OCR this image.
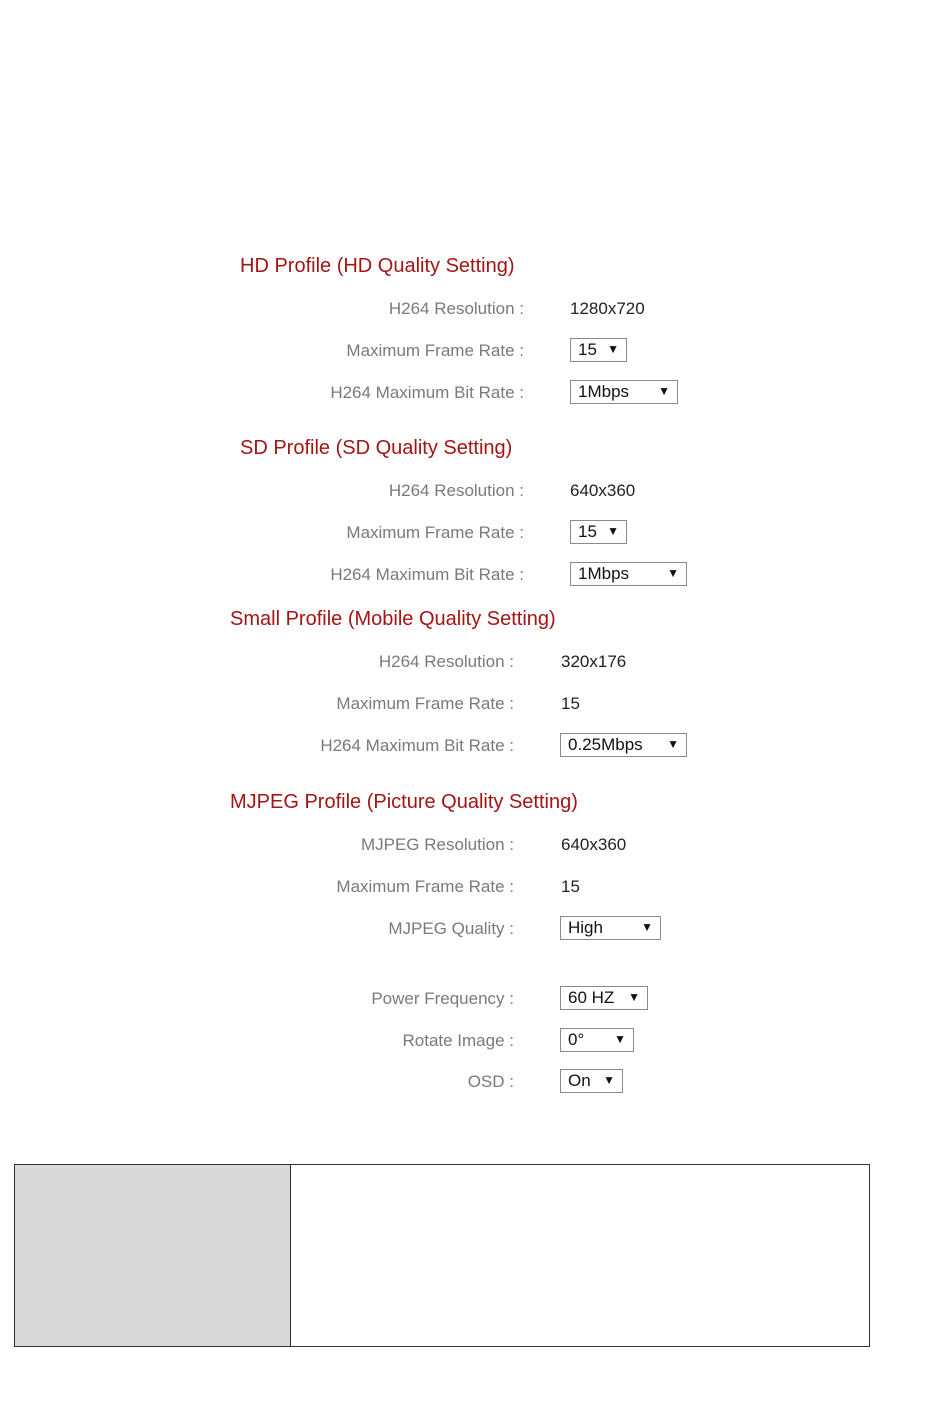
HD Profile (HD Quality Setting)
H264 Resolution :	1280x720
Maximum Frame Rate :	15 ▼
H264 Maximum Bit Rate :	1Mbps ▼
SD Profile (SD Quality Setting)
H264 Resolution :	640x360
Maximum Frame Rate :	15 ▼
H264 Maximum Bit Rate :	1Mbps	▼
Small Profile (Mobile Quality Setting)
H264 Resolution :	320x176
Maximum Frame Rate :	15
H264 Maximum Bit Rate :	0.25Mbps ▼
MJPEG Profile (Picture Quality Setting)
MJPEG Resolution :	640x360
Maximum Frame Rate :	15
MJPEG Quality :	High	▼
Power Frequency :	60 HZ ▼
Rotate Image :	0° ▼
OSD :	On ▼
